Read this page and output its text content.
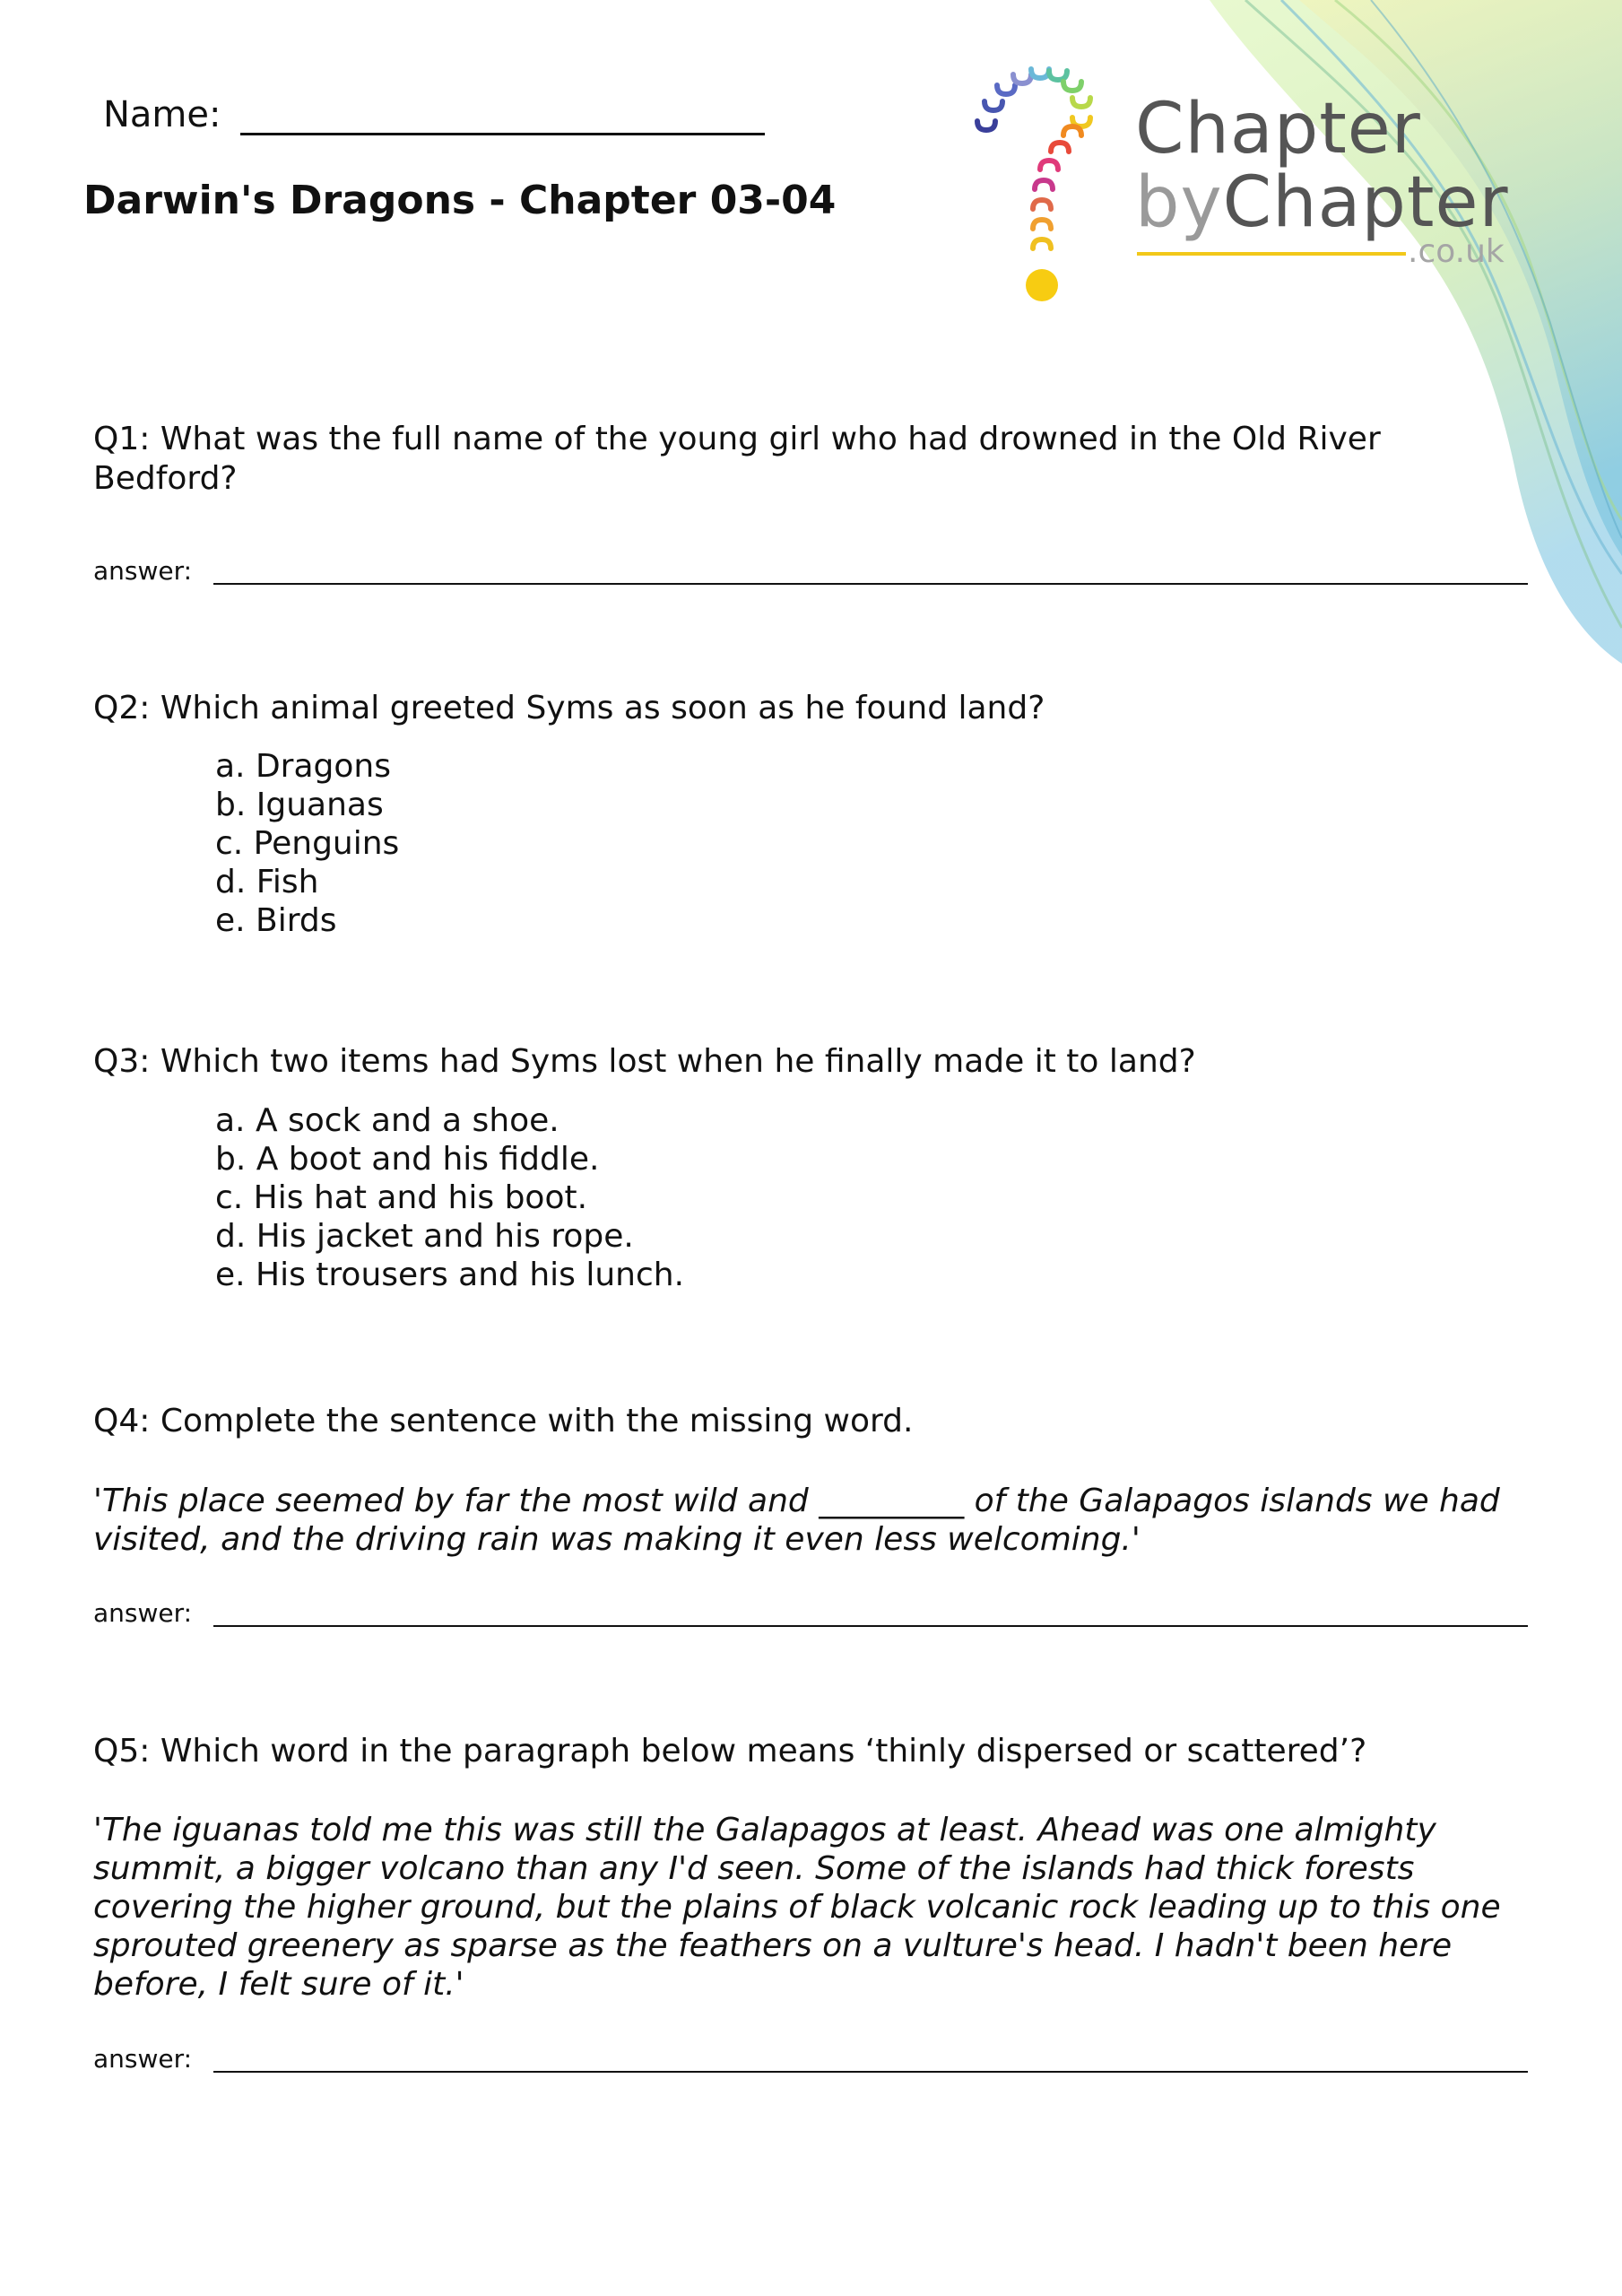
Name:
Darwin's Dragons - Chapter 03-04
Chapter
byChapter
.co.uk
Q1: What was the full name of the young girl who had drowned in the Old River Bedford?
answer:
Q2: Which animal greeted Syms as soon as he found land?
a. Dragons
b. Iguanas
c. Penguins
d. Fish
e. Birds
Q3: Which two items had Syms lost when he finally made it to land?
a. A sock and a shoe.
b. A boot and his fiddle.
c. His hat and his boot.
d. His jacket and his rope.
e. His trousers and his lunch.
Q4: Complete the sentence with the missing word.
'This place seemed by far the most wild and _________ of the Galapagos islands we had visited, and the driving rain was making it even less welcoming.'
answer:
Q5: Which word in the paragraph below means ‘thinly dispersed or scattered’?
'The iguanas told me this was still the Galapagos at least. Ahead was one almighty summit, a bigger volcano than any I'd seen. Some of the islands had thick forests covering the higher ground, but the plains of black volcanic rock leading up to this one sprouted greenery as sparse as the feathers on a vulture's head. I hadn't been here before, I felt sure of it.'
answer:
